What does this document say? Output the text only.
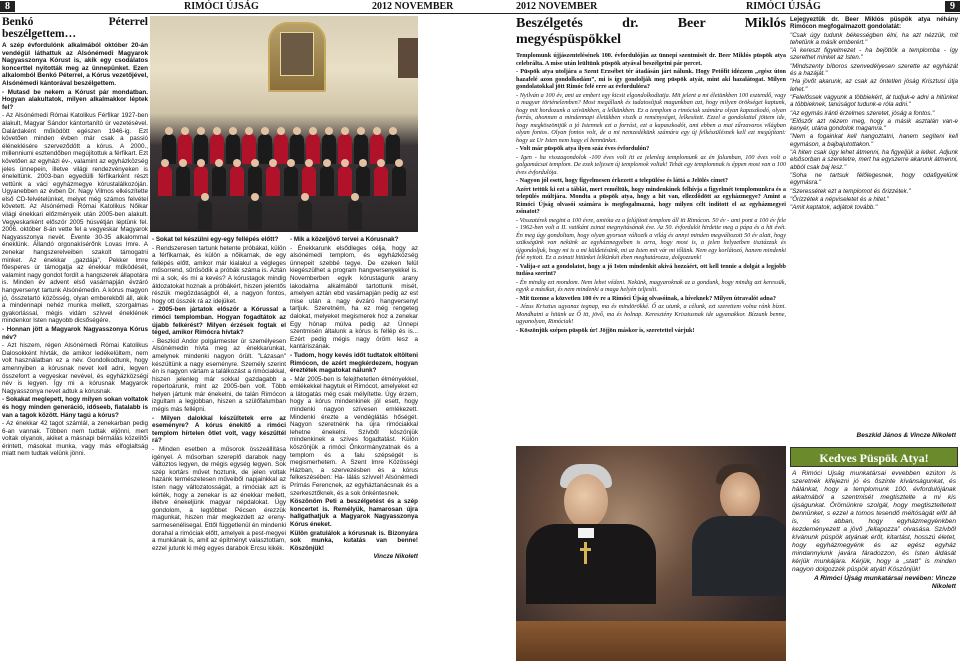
8	RIMÓCI ÚJSÁG	2012 NOVEMBER
Benkó Péterrel beszélgettem…

A szép évfordulónk alkalmából október 20-án vendégül láthattuk az Alsónémedi Magyarok Nagyasszonya Kórust is, akik egy csodálatos koncerttel nyitották meg az ünnepünket. Ezen alkalomból Benkó Péterrel, a Kórus vezetőjével, Alsónémedi kántorával beszélgettem.

- Mutasd be nekem a Kórust pár mondatban. Hogyan alakultatok, milyen alkalmakkor léptek fel?

- Az Alsónémedi Római Katolikus Férfikar 1927-ben alakult, Magyar Sándor kántortanító úr vezetésével. Dalárdaként működött egészen 1946-ig. Ezt követően minden évben már csak a passió éléneklésére szerveződött a kórus. A 2000., millenniumi esztendőben megújítottuk a férfikart. Ezt követően az egyházi év-, valamint az egyházközség jeles ünnepein, illetve világi rendezvényeken is éneleltünk. 2003-ban egyedülli férfikarként részt vettünk a váci egyházmegye kórustalálkozóján. Ugyanebben az évben Dr. Nagy Vilmos elkészítette első CD-felvételünket, melyet még számos felvétel követett. Az Alsónémedi Római Katolikus Nőikar világi énekkari előzményeik után 2005-ben alakult. Vegyeskarként először 2005 húsvétján léptünk fel. 2006. október 8-án vette fel a vegyeskar Magyarok Nagyasszonya nevét. Évente 30-35 alkalommal éneklünk. Állandó orgonakísérőnk Lovas Imre. A zenekar hangszerelveiben szakolt támogatni minket. Az énekkar „gazdája”, Pekker Imre főesperes úr támogatja az énekkar működését, valamint nagy gondot fordít a hangszerek állapotára is. Minden év advent első vasárnapján évzáró hangversenyt tartunk Alsónémedin. A kórus magyon jó, összetartó közösség, olyan emberekből áll, akik a mindennapi nehéz munka mellett, szorgalmas gyakorlással, mégis vidám szívvel éneklének mindenkor Isten nagyobb dicsőségére.

- Honnan jött a Magyarok Nagyasszonya Kórus név?

- Azt hiszem, régen Alsónémedi Római Katolikus Dalosokként hívták, de amikor ledékelültem, nem volt használatban ez a név. Gondolkodtunk, hogy amennyiben a kórusnak nevet kell adni, legyen összeforrt a vegyeskar nevével, és egyházközségi név is legyen. Így mi a kórusnak Magyarok Nagyasszonya nevet adtuk a kórusnak.

- Sokakat meglepett, hogy milyen sokan voltatok és hogy minden generáció, időseeb, fiatalabb is van a tagok között. Hány tagú a kórus?

- Az énekkar 42 tagot számlál, a zenekarban pedig 6-an vannak. Többen nem tudtak eljönni, mert voltak olyanok, akiket a másnapi bérmálás közelítői érintett, másokat munka, vagy más elfoglaltság miatt nem tudtak velünk jönni.

- Sokat tel készülni egy-egy fellépés előtt?

- Rendszeresen tartunk hetente próbákat, külön a férfikarnak, és külön a nőikarnak, de egy fellépés előtt, amikor már kialakul a végleges műsorrend, sűrűsödik a próbák száma is. Aztán mi a sok, és mi a kevés? A kórustagok mindig áldozatokat hoznak a próbákért, hiszen jelentős részük megözdaságból él, a nagyon fontos, hogy ott üsszék rá az idejüket.

- 2005-ben jártatok először a Kórussal a rimóci templomban. Hogyan fogadtátok az újabb felkérést? Milyen érzések fogtak el téged, amikor Rimócra hívtak?

- Beszkid Andor polgármester úr személyesen Alsónémedin hívta meg az énekkarunkat, amelynek mindenki nagyon örült. "Lázasan" készültünk a nagy eseményre. Személy szerint én is nagyon vártam a találkozást a rimóciakkal, hiszen jelenleg már sokkal gazdagabb a repertoárunk, mint az 2005-ben volt. Több helyen jártunk már énekelni, de talán Rimócon izgultam a legjobban, hiszen a szülőfalumban mégis más fellépni.

- Milyen dalokkal készültetek erre az eseményre? A kórus énekitő a rimóci templom hírtelen ötlet volt, vagy készültél rá?

- Minden esetben a műsorok összeállítása igényel. A műsorban szereplő darabok nagy változtos legyen, de mégis egység legyen. Sok szép kortárs művet hoztunk, de jelen voltak hazánk természetesen műveiből napjainkkal az Isten nagy változatosságát, a rimóciak azt is kérték, hogy a zenekar is az énekkar mellett, illetve énekeljünk magyar népdalokat. Úgy gondolom, a legtöbbet Pécsen érezzük magunkat, hiszen már megkezdett az ereny-sarmesenélisegal. Ettől függetlenül én mindenki dorahal a rimóciak előtt, amelyek a pest-megyei a munkának is, amit az építményt valasztottam, ezzel jutunk ki még egyes darabok Ercsu kikék.

- Mik a közeljövő tervei a Kórusnak?

- Énekkarunk elsődleges célja, hogy az alsónémedi templom, és egyházközség ünnepeit szebbé tegye. De ezeken felül kiegészülhet a program hangversenyekkel is. Novemberben egyik kórustagunk arany lakodalma alkalmából tartottunk misét, amelyen aztán ebd vasárnapján pedig az est mise után a nagy évzáró hangversenyt tartjuk. Szeretném, ha ez még rengeteg dalokat, melyeket megismerek hoz a zenekar Egy hónap múlva pedig az Ünnepi szentmisén általunk a kórus is fellép és is... Ezért pedig mégis nagy öröm lesz a kantáriszának.

- Tudom, hogy kevés időt tudtatok eltölteni Rimócon, de azért megkérdezem, hogyan éreztétek magatokat nálunk?

- Már 2005-ben is felejthetetlen élményekkel, emlékekkel hagytuk el Rimócot, amelyeket ez a látogatás még csak mélyítette. Úgy érzem, hogy a kórus mindenkinek jól esett, hogy mindenki nagyon szívesen emlékezett. Mindenki érezte a vendéglátás hőségét. Nagyon szeretnénk ha újra rimóciakkal lehetne énekelni. Szívből köszönjük mindenkinek a szíves fogadtatást. Külön köszönjük a rimóci Önkormányzatnak és a templom és a falu szépségét is megismerhetem. A Szent Imre Közösségi Házban, a szervezésben és a kórus felkeszésében: Ha- lálás szívvel! Alsónémedi Prímás Ferencnek, az egyháztanácsnak és a szerkesztőknek, és a sok önkéntesnek.

Köszönöm Peti a beszélgetést és a szép koncertet is. Remélyük, hamarosan újra hallgathatjuk a Magyarok Nagyasszonya Kórus éneket.

Külön gratulálok a kórusnak is. Bizonyára sok munka, kutatás van benne! Köszönjük!

Vincze Nikolett

2012 NOVEMBER	RIMÓCI ÚJSÁG	9
Beszélgetés dr. Beer Miklós megyéspüspökkel

Templomunk újjászentelésének 100. évfordulóján az ünnepi szentmisét dr. Beer Miklós püspök atya celebrálta. A mise után leültünk püspök atyával beszélgetni pár percet.

- Püspök atya utoljára a Szent Erzsébet tér átadásán járt nálunk. Hogy Petőfit idézzem „egész úton hazafelé azon gondolkodám”, mi is így gondolják meg püspök atyát, mint aki hazalátogat. Milyen gondolatokkal jött Rimóc felé erre az évfordulóra?

- Nyilván a 100 év, ami az embert egy kicsit elgondolkodtatja. Mit jelent a mi életünkben 100 esztendő, vagy a magyar történelemben? Most megállunk és tudatosítjuk magunkban azt, hogy milyen örökséget kaptunk, hogy mit hordozunk a szívünkben, a lelkünkben. Ez a templom a rimóciak számára olyan kapaszkodó, olyan forrás, ahonnan a mindennapi életükben viszik a reménységet, lelkesített. Ezzel a gondolattal jöttem ide, hogy megköszöntjük a jó Istennek ezt a forrást, ezt a kapaszkodót, ami ebben a mai zűrzavaros világban olyan fontos. Olyan fontos volt, de a mi nemzedékünk számára egy új felkészülésnek kell ezt megújítani: hogy az Ur Isten nem hagy el bennünket.

- Volt már püspök atya ilyen száz éves évfordulón?

- Igen - ha visszagondolok -100 éves volt itt ez jelenleg templomunk az én falumban, 100 éves volt a galgamácsai templom. De ezek teljesen új templomok voltak! Tehát egy templomnak is éppen most van a 100 éves évfordulója.

- Nagyon jól esett, hogy figyelmesen érkezett a települése és láttá a Jelölés címet?

Azért tettük ki ezt a táblát, mert reméltük, hogy mindenkinek felhívja a figyelmét templomunkra és a település múltjára. Mondta a püspök atya, hogy a hit van, ellezdődött az egyházmegye? Amint a Rimóci Újság olvasói számára is megfogalmazná, hogy milyen célt indított el az egyházmegyei zsinatot?

- Visszatérek megint a 100 évre, amióta ez a felújított templom áll itt Rimócon. 50 év - ami pont a 100 év fele - 1962-ben volt a II. vatikáni zsinat megnyitásának éve. Az 50. évfordulót hirdette meg a pápa és a hit évét. Én meg úgy gondoltam, hogy olyan gyorsan változik a világ és annyi minden megváltozott 50 év alatt, hogy szükségünk van nekünk az egyházmegyében is arra, hogy most is, a jelen helyzetben tisztázzuk és újgondoljuk, hogy mi is a mi küldetésünk, mi az Isten mit vár mi tőlünk. Nem egy korlátozó, hanem mindenki felé nyitott. Ez a zsinati hitünket lelkünkét ében meghatározza, dolgozzunk!

- Valija-e azt a gondolatot, hogy a jó Isten mindenkit akivá hozzáért, ott kell tennie a dolgát a legjobb tudása szerint?

- Én mindig ezt mondom. Nem lehet védeni. Nekünk, magyaroknak az a gondunk, hogy mindig azt keressük, egyik a másikat, és nem mindenki a maga helyén teljesíti.

- Mit üzenne a közvetlen 100 év re a Rimóci Újság olvasóinak, a híveknek? Milyen útravalót adna?

- Jézus Krisztus ugyanaz tegnap, ma és mindörökké. Ő az utunk, a célunk, ezt szerettem volna ránk bízni. Mondhatni a hitünk az Ő itt, jövő, ma és holnap. Keresztény Krisztusnak ide ugyanakkor. Bízzunk benne, ugyanolyan, Rimóciak!

- Köszönjük szépen püspök úr! Jöjjön máskor is, szeretettel várjuk!

Lejegyeztük dr. Beer Miklós püspök atya néhány Rimócon megfogalmazott gondolatát:

"Csak úgy tudunk békességben élni, ha azt nézzük, mit tehetünk a másik emberért."

"A kereszt figyelmezet - ha bejöttök a templomba - így szerethet minket az Isten."

"Mindszenty bíboros szenvedélyesen szerette az egyházát és a hazáját."

"Ha jövőt akarunk, az csak az öntetlen jóság Krisztusi útja lehet."

"Felelőssek vagyunk a többiekért, át tudjuk-e adni a hitünket a többieknek, tanúságot tudunk-e róla adni."

"Az egymás iránti érzelmes szeretet, jóság a fontos."

"Előszőr azt nézem meg, hogy a másik asztalán van-e kenyér, utána gondolok magamra."

"Nem a fogainkat kell hangoztatni, hanem segíteni kell egymáson, a bajbajutottakon."

"A hiten csak úgy lehet átmenni, ha figyeljük a lelket. Adjunk elsősorban a szeretetre, mert ha egyszerre akarunk átmenni, abból csak baj lesz."

"Soha ne tartsuk félőlegesnek, hogy odafigyelünk egymásra."

"Szeressétek ezt a templomot és őrizzétek."

"Őrizzétek a népviseletet és a hitet."

"Amit kaptatok, adjátok tovább."

Beszkid János & Vincze Nikolett
Kedves Püspök Atya!

A Rimóci Újság munkatársai evvebben ezúton is szeretnék kifejezni jó és őszinte kívánságunkat, és hálánkat, hogy a templomunk 100. évfordulójának alkalmából a szentmisét megtisztelte a mi kis újságunkat. Örömünkre szolgál, hogy megtiszteltetett bennünket, s ezzel a tomos tesendő méltóságát előt áll is, és abban, hogy egyházmegyénkben kezdeményezett a jövő „fellapozza” olvasása. Szívből kívánunk püspök atyának erőt, kitartást, hosszú életet, hogy egyházmegyénk és az egész egyház mindannyiunk javára fáradozzon, és Isten áldását kérjük munkájára. Kérjük, hogy a „statt” is minden nagyon dolgozzék püspök atyát! Köszönjük!

A Rimóci Újság munkatársai nevében: Vincze Nikolett
